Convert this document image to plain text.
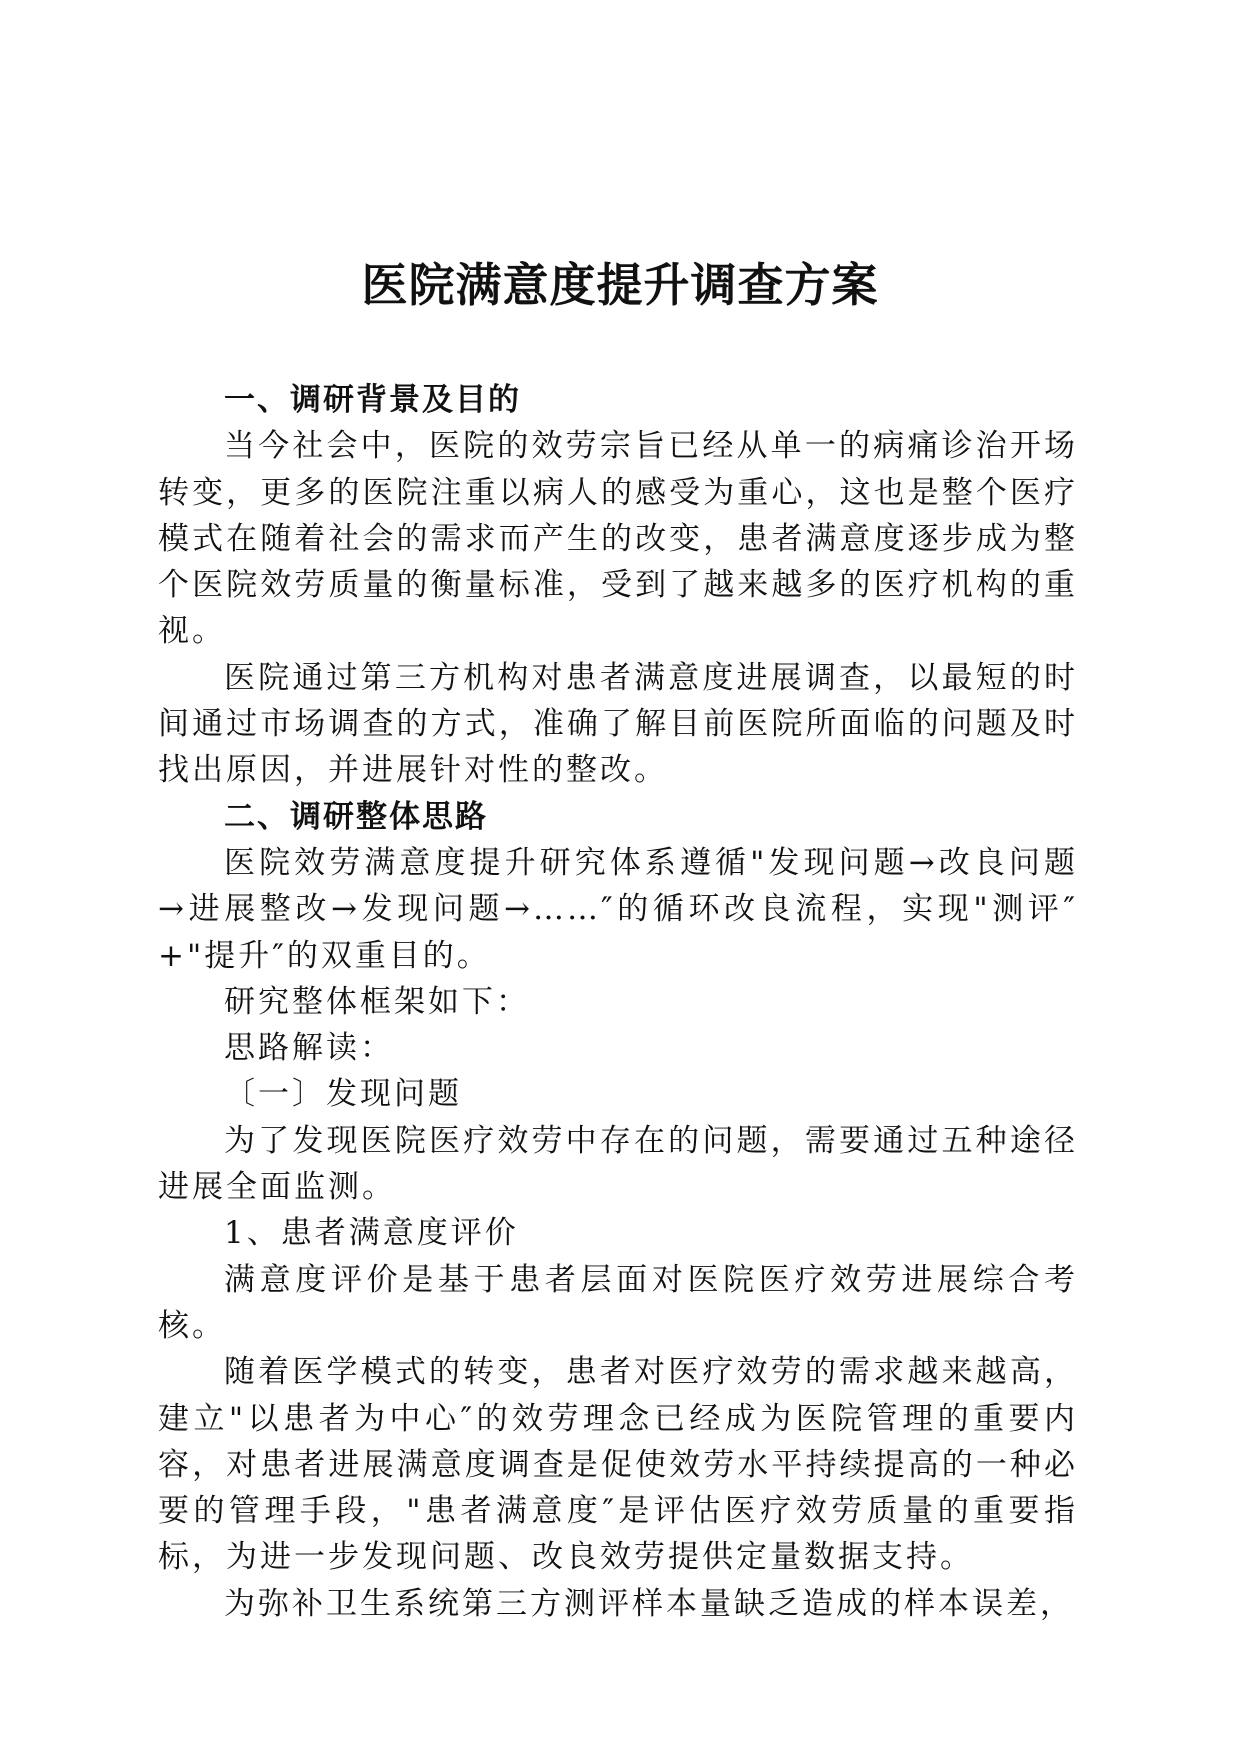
医院满意度提升调查方案
一、调研背景及目的
当今社会中，医院的效劳宗旨已经从单一的病痛诊治开场转变，更多的医院注重以病人的感受为重心，这也是整个医疗模式在随着社会的需求而产生的改变，患者满意度逐步成为整个医院效劳质量的衡量标准，受到了越来越多的医疗机构的重视。
医院通过第三方机构对患者满意度进展调查，以最短的时间通过市场调查的方式，准确了解目前医院所面临的问题及时找出原因，并进展针对性的整改。
二、调研整体思路
医院效劳满意度提升研究体系遵循"发现问题→改良问题→进展整改→发现问题→……″的循环改良流程，实现"测评″+"提升″的双重目的。
研究整体框架如下：
思路解读：
〔一〕发现问题
为了发现医院医疗效劳中存在的问题，需要通过五种途径进展全面监测。
1、患者满意度评价
满意度评价是基于患者层面对医院医疗效劳进展综合考核。
随着医学模式的转变，患者对医疗效劳的需求越来越高，建立"以患者为中心″的效劳理念已经成为医院管理的重要内容，对患者进展满意度调查是促使效劳水平持续提高的一种必要的管理手段，"患者满意度″是评估医疗效劳质量的重要指标，为进一步发现问题、改良效劳提供定量数据支持。
为弥补卫生系统第三方测评样本量缺乏造成的样本误差，
